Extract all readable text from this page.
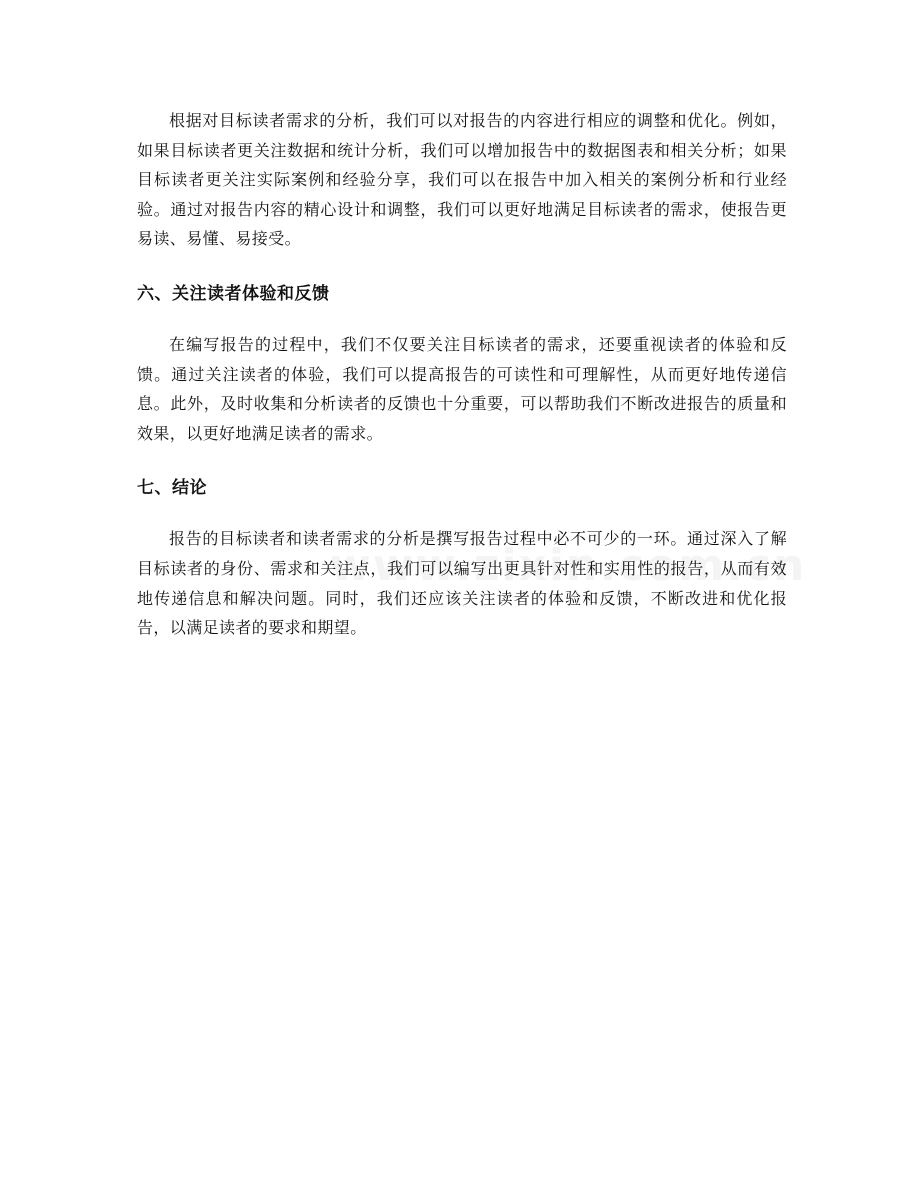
根据对目标读者需求的分析，我们可以对报告的内容进行相应的调整和优化。例如，如果目标读者更关注数据和统计分析，我们可以增加报告中的数据图表和相关分析；如果目标读者更关注实际案例和经验分享，我们可以在报告中加入相关的案例分析和行业经验。通过对报告内容的精心设计和调整，我们可以更好地满足目标读者的需求，使报告更易读、易懂、易接受。

六、关注读者体验和反馈

在编写报告的过程中，我们不仅要关注目标读者的需求，还要重视读者的体验和反馈。通过关注读者的体验，我们可以提高报告的可读性和可理解性，从而更好地传递信息。此外，及时收集和分析读者的反馈也十分重要，可以帮助我们不断改进报告的质量和效果，以更好地满足读者的需求。

七、结论

报告的目标读者和读者需求的分析是撰写报告过程中必不可少的一环。通过深入了解目标读者的身份、需求和关注点，我们可以编写出更具针对性和实用性的报告，从而有效地传递信息和解决问题。同时，我们还应该关注读者的体验和反馈，不断改进和优化报告，以满足读者的要求和期望。
